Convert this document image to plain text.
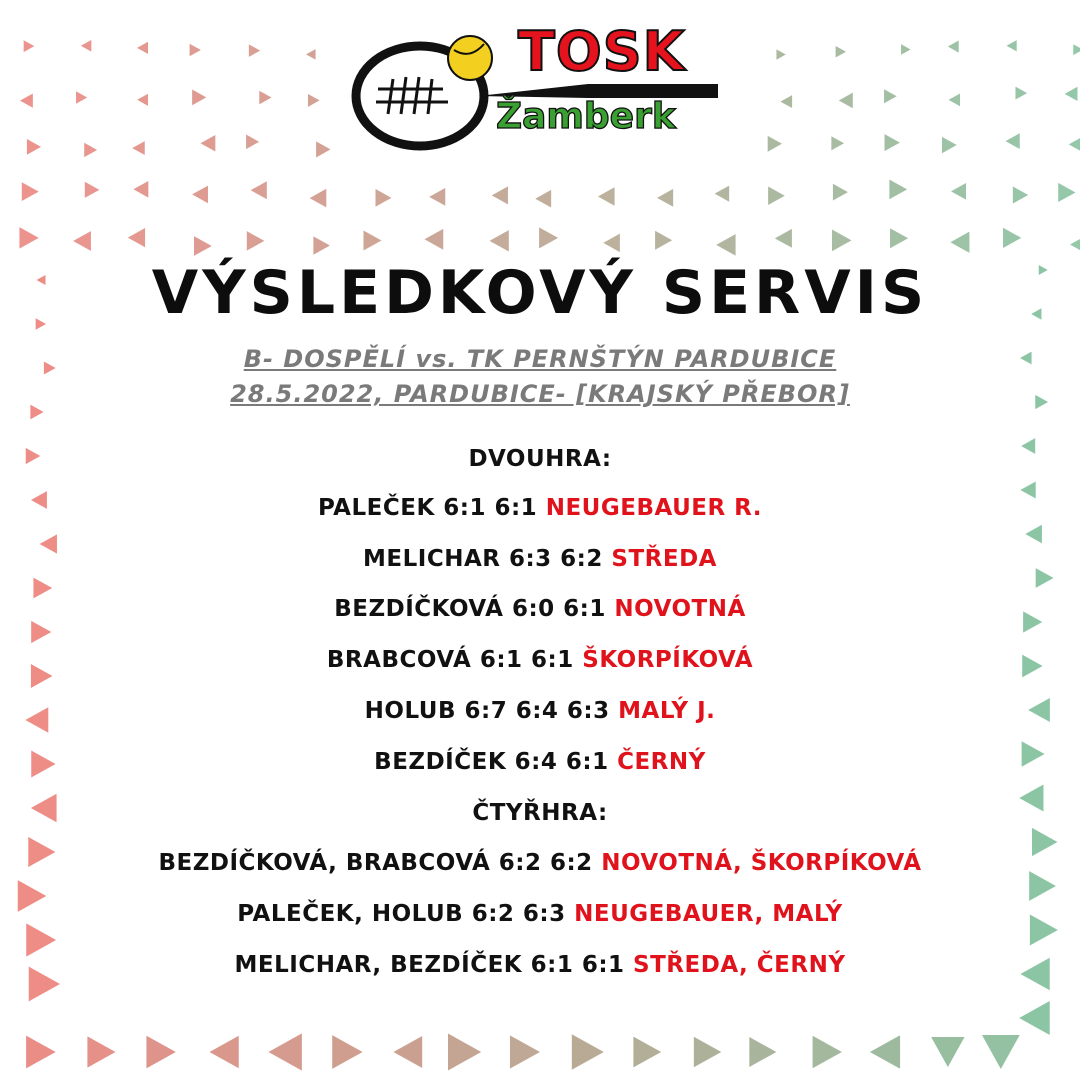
TOSK
Žamberk
VÝSLEDKOVÝ SERVIS
B- DOSPĚLÍ vs. TK PERNŠTÝN PARDUBICE
28.5.2022, PARDUBICE- [KRAJSKÝ PŘEBOR]
DVOUHRA:
PALEČEK 6:1 6:1 NEUGEBAUER R.
MELICHAR 6:3 6:2 STŘEDA
BEZDÍČKOVÁ 6:0 6:1 NOVOTNÁ
BRABCOVÁ 6:1 6:1 ŠKORPÍKOVÁ
HOLUB 6:7 6:4 6:3 MALÝ J.
BEZDÍČEK 6:4 6:1 ČERNÝ
ČTYŘHRA:
BEZDÍČKOVÁ, BRABCOVÁ 6:2 6:2 NOVOTNÁ, ŠKORPÍKOVÁ
PALEČEK, HOLUB 6:2 6:3 NEUGEBAUER, MALÝ
MELICHAR, BEZDÍČEK 6:1 6:1 STŘEDA, ČERNÝ
